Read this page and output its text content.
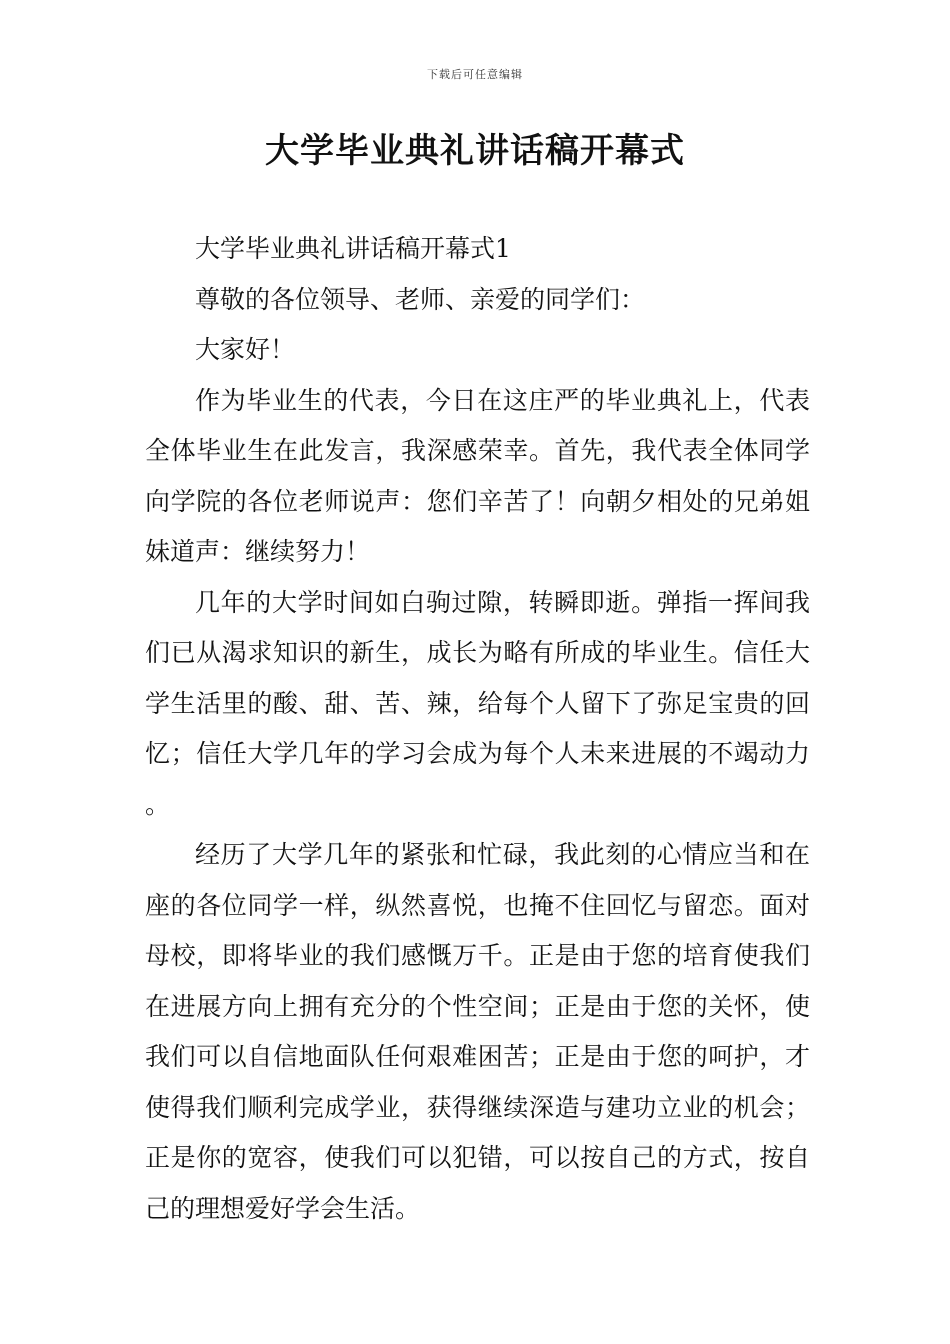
下载后可任意编辑
大学毕业典礼讲话稿开幕式

大学毕业典礼讲话稿开幕式1

尊敬的各位领导、老师、亲爱的同学们：

大家好！

作为毕业生的代表，今日在这庄严的毕业典礼上，代表全体毕业生在此发言，我深感荣幸。首先，我代表全体同学向学院的各位老师说声：您们辛苦了！向朝夕相处的兄弟姐妹道声：继续努力！

几年的大学时间如白驹过隙，转瞬即逝。弹指一挥间我们已从渴求知识的新生，成长为略有所成的毕业生。信任大学生活里的酸、甜、苦、辣，给每个人留下了弥足宝贵的回忆；信任大学几年的学习会成为每个人未来进展的不竭动力。

经历了大学几年的紧张和忙碌，我此刻的心情应当和在座的各位同学一样，纵然喜悦，也掩不住回忆与留恋。面对母校，即将毕业的我们感慨万千。正是由于您的培育使我们在进展方向上拥有充分的个性空间；正是由于您的关怀，使我们可以自信地面队任何艰难困苦；正是由于您的呵护，才使得我们顺利完成学业，获得继续深造与建功立业的机会；正是你的宽容，使我们可以犯错，可以按自己的方式，按自己的理想爱好学会生活。
